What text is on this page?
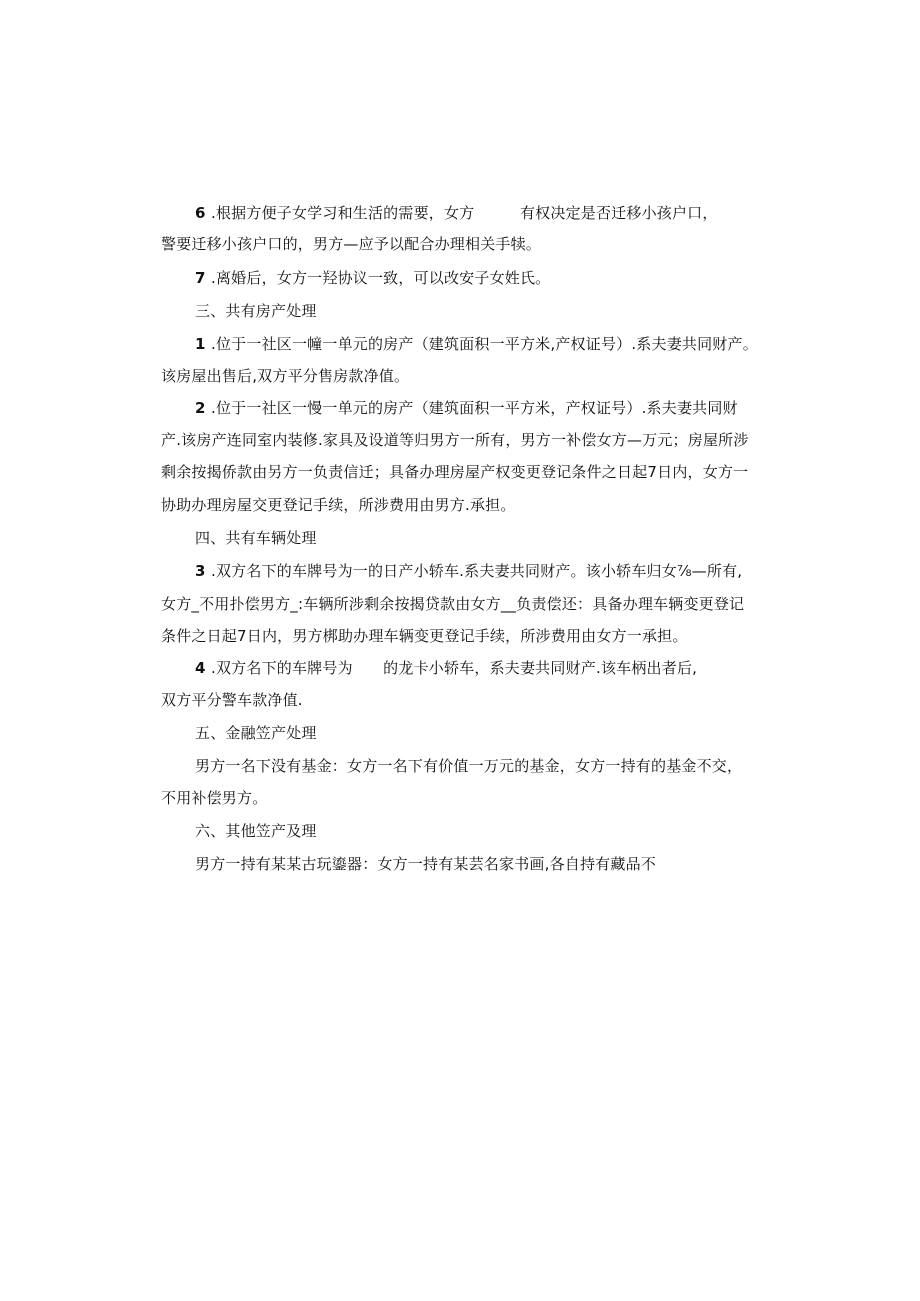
6 .根据方便子女学习和生活的需要，女方　　　有权决定是否迁移小孩户口，
警要迁移小孩户口的，男方—应予以配合办理相关手犊。
7 .离婚后，女方一羟协议一致，可以改安子女姓氏。
三、共有房产处理
1 .位于一社区一幢一单元的房产（建筑面积一平方米,产权证号）.系夫妻共同财产。
该房屋出售后,双方平分售房款净值。
2 .位于一社区一慢一单元的房产（建筑面积一平方米，产权证号）.系夫妻共同财
产.该房产连同室内装修.家具及设道等归男方一所有，男方一补偿女方—万元；房屋所涉
剩余按揭侨款由另方一负责信迁；具备办理房屋产权变更登记条件之日起7日内，女方一
协助办理房屋交更登记手续，所涉费用由男方.承担。
四、共有车辆处理
3 .双方名下的车牌号为一的日产小轿车.系夫妻共同财产。该小轿车归女⅞—所有,
女方_不用扑偿男方_:车辆所涉剩余按揭贷款由女方__负责偿还：具备办理车辆变更登记
条件之日起7日内，男方梆助办理车辆变更登记手续，所涉费用由女方一承担。
4 .双方名下的车牌号为　　的龙卡小轿车，系夫妻共同财产.该车柄出者后,
双方平分警车款净值.
五、金融笠产处理
男方一名下没有基金：女方一名下有价值一万元的基金，女方一持有的基金不交，
不用补偿男方。
六、其他笠产及理
男方一持有某某古玩鎏器：女方一持有某芸名家书画,各自持有藏品不
